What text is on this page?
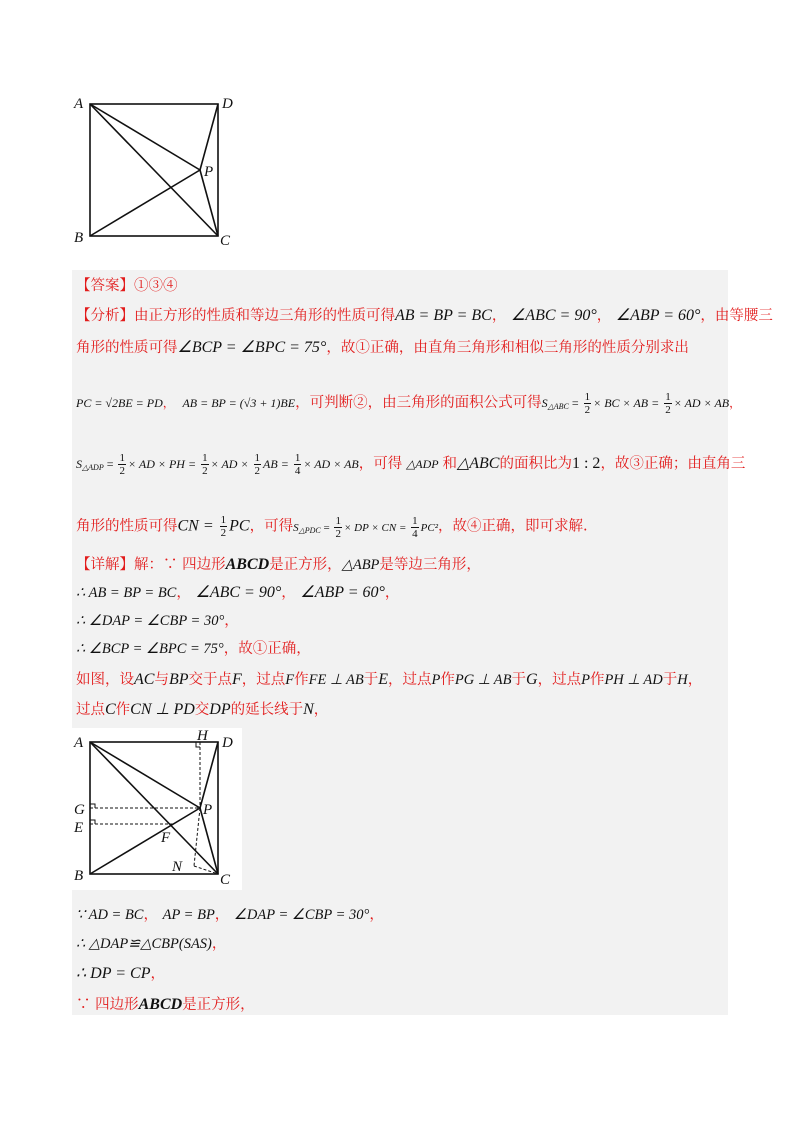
A	D
B	C
P
【答案】①③④
【分析】由正方形的性质和等边三角形的性质可得AB = BP = BC， ∠ABC = 90°， ∠ABP = 60°，由等腰三
角形的性质可得∠BCP = ∠BPC = 75°，故①正确，由直角三角形和相似三角形的性质分别求出
PC = √2BE = PD， AB = BP = (√3 + 1)BE，可判断②，由三角形的面积公式可得$S_{\triangle ABC} = \frac{1}{2}$ × BC × AB = $\frac{1}{2}$ × AD × AB，
$S_{\triangle ADP} = \frac{1}{2}$ × AD × PH = $\frac{1}{2}$ × AD × $\frac{1}{2}$ AB = $\frac{1}{4}$ × AD × AB，可得 △ADP 和△ABC的面积比为1 : 2，故③正确；由直角三
角形的性质可得CN = $\frac{1}{2}$ PC，可得$S_{\triangle PDC} = \frac{1}{2}$ × DP × CN = $\frac{1}{4} PC^2$，故④正确，即可求解.
【详解】解：∵ 四边形ABCD是正方形，△ABP是等边三角形，
∴ AB = BP = BC， ∠ABC = 90°， ∠ABP = 60°，
∴ ∠DAP = ∠CBP = 30°，
∴ ∠BCP = ∠BPC = 75°，故①正确，
如图，设AC与BP交于点F，过点F作FE ⊥ AB于E，过点P作PG ⊥ AB于G，过点P作PH ⊥ AD于H，
过点C作CN ⊥ PD交DP的延长线于N，
A	D
H
G
E
P
F
N
B	C
∵ AD = BC， AP = BP， ∠DAP = ∠CBP = 30°，
∴ △DAP≌△CBP(SAS)，
∴ DP = CP，
∵ 四边形ABCD是正方形，
